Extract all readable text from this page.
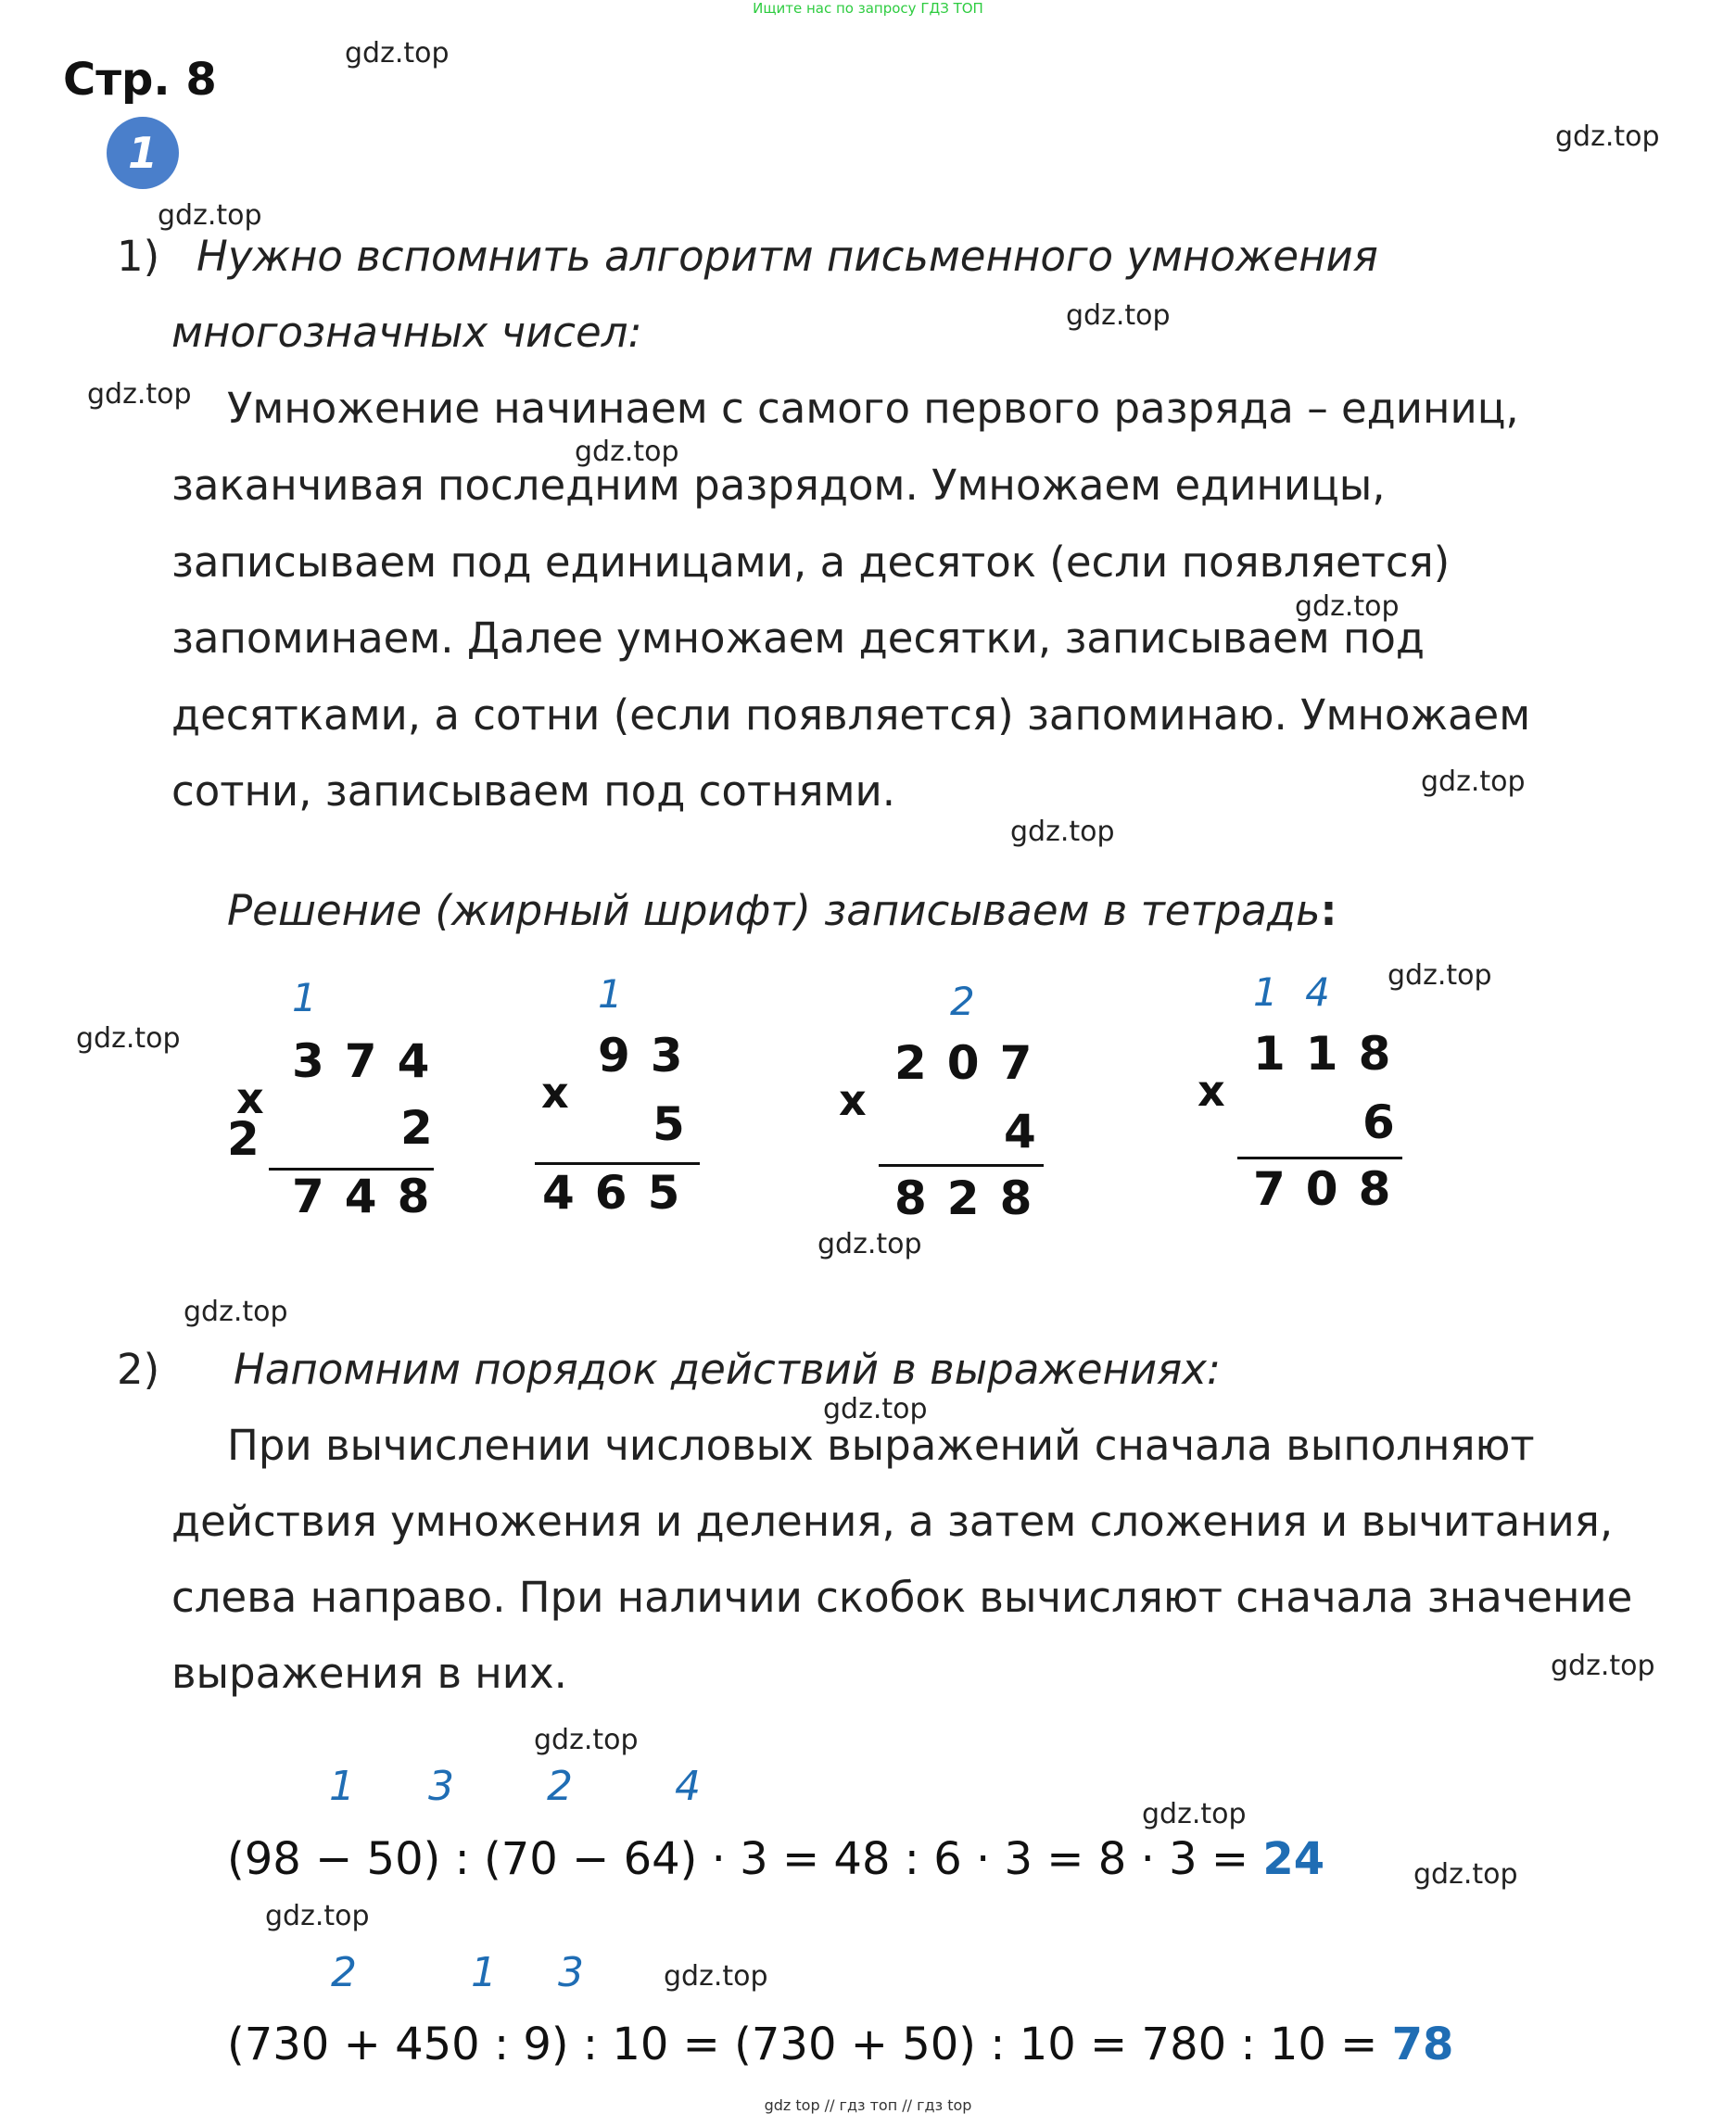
Ищите нас по запросу ГДЗ ТОП
Стр. 8
1
gdz.top
gdz.top
gdz.top
gdz.top
gdz.top
gdz.top
gdz.top
gdz.top
gdz.top
gdz.top
gdz.top
gdz.top
gdz.top
gdz.top
gdz.top
gdz.top
gdz.top
gdz.top
gdz.top
gdz.top
1) Нужно вспомнить алгоритм письменного умножения
многозначных чисел:
Умножение начинаем с самого первого разряда – единиц,
заканчивая последним разрядом. Умножаем единицы,
записываем под единицами, а десяток (если появляется)
запоминаем. Далее умножаем десятки, записываем под
десятками, а сотни (если появляется) запоминаю. Умножаем
сотни, записываем под сотнями.
Решение (жирный шрифт) записываем в тетрадь:
1
374
x
2	2
748
1
93
x
5
465
2
207
x
4
828
1 4
118
x
6
708
2) Напомним порядок действий в выражениях:
При вычислении числовых выражений сначала выполняют
действия умножения и деления, а затем сложения и вычитания,
слева направо. При наличии скобок вычисляют сначала значение
выражения в них.
1 3 2	4
(98 − 50) : (70 − 64) · 3 = 48 : 6 · 3 = 8 · 3 = 24
2	1 3
(730 + 450 : 9) : 10 = (730 + 50) : 10 = 780 : 10 = 78
gdz top // гдз топ // гдз top
